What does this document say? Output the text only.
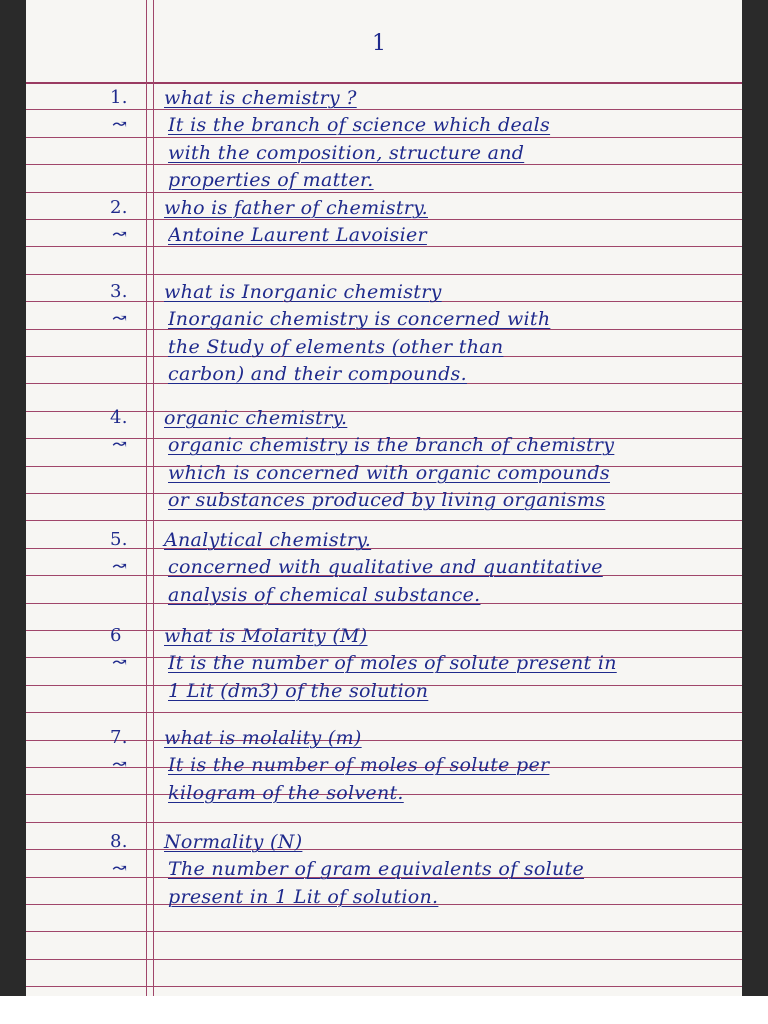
1
1. what is chemistry ?
↝ It is the branch of science which deals
with the composition, structure and
properties of matter.
2. who is father of chemistry.
↝ Antoine Laurent Lavoisier
3. what is Inorganic chemistry
↝ Inorganic chemistry is concerned with
the Study of elements (other than
carbon) and their compounds.
4. organic chemistry.
↝ organic chemistry is the branch of chemistry
which is concerned with organic compounds
or substances produced by living organisms
5. Analytical chemistry.
↝ concerned with qualitative and quantitative
analysis of chemical substance.
6 what is Molarity (M)
↝ It is the number of moles of solute present in
1 Lit (dm3) of the solution
7. what is molality (m)
↝ It is the number of moles of solute per
kilogram of the solvent.
8. Normality (N)
↝ The number of gram equivalents of solute
present in 1 Lit of solution.
